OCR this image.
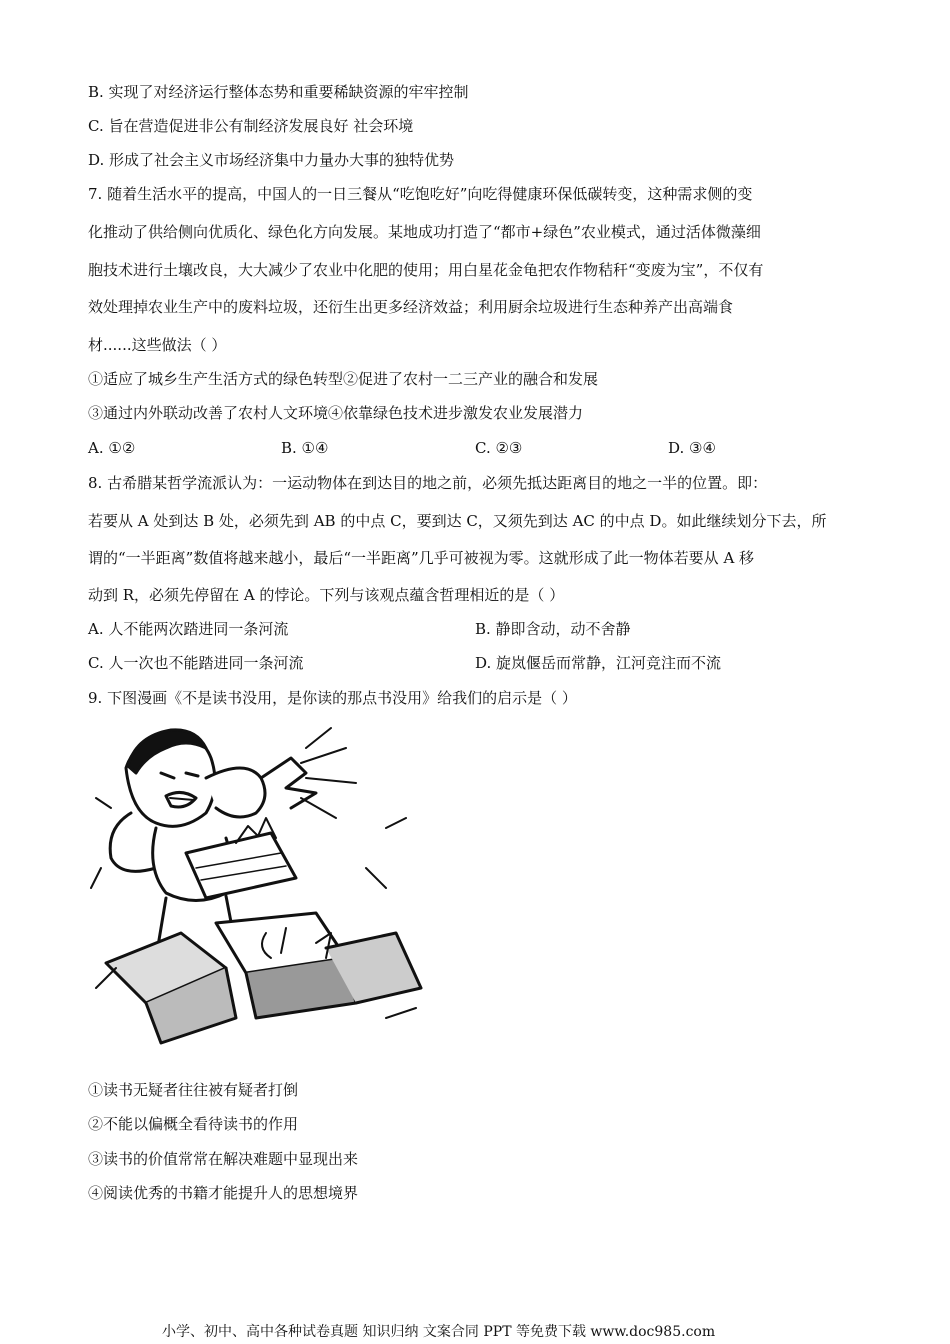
B. 实现了对经济运行整体态势和重要稀缺资源的牢牢控制
C. 旨在营造促进非公有制经济发展良好 社会环境
D. 形成了社会主义市场经济集中力量办大事的独特优势
7. 随着生活水平的提高，中国人的一日三餐从“吃饱吃好”向吃得健康环保低碳转变，这种需求侧的变
化推动了供给侧向优质化、绿色化方向发展。某地成功打造了“都市+绿色”农业模式，通过活体微藻细
胞技术进行土壤改良，大大减少了农业中化肥的使用；用白星花金龟把农作物秸秆“变废为宝”，不仅有
效处理掉农业生产中的废料垃圾，还衍生出更多经济效益；利用厨余垃圾进行生态种养产出高端食
材......这些做法（ ）
①适应了城乡生产生活方式的绿色转型②促进了农村一二三产业的融合和发展
③通过内外联动改善了农村人文环境④依靠绿色技术进步激发农业发展潜力
A. ①②	B. ①④	C. ②③	D. ③④
8. 古希腊某哲学流派认为：一运动物体在到达目的地之前，必须先抵达距离目的地之一半的位置。即：
若要从 A 处到达 B 处，必须先到 AB 的中点 C，要到达 C，又须先到达 AC 的中点 D。如此继续划分下去，所
谓的“一半距离”数值将越来越小，最后“一半距离”几乎可被视为零。这就形成了此一物体若要从 A 移
动到 R，必须先停留在 A 的悖论。下列与该观点蕴含哲理相近的是（ ）
A. 人不能两次踏进同一条河流	B. 静即含动，动不舍静
C. 人一次也不能踏进同一条河流	D. 旋岚偃岳而常静，江河竞注而不流
9. 下图漫画《不是读书没用，是你读的那点书没用》给我们的启示是（ ）
①读书无疑者往往被有疑者打倒
②不能以偏概全看待读书的作用
③读书的价值常常在解决难题中显现出来
④阅读优秀的书籍才能提升人的思想境界
小学、初中、高中各种试卷真题 知识归纳 文案合同 PPT 等免费下载 www.doc985.com
